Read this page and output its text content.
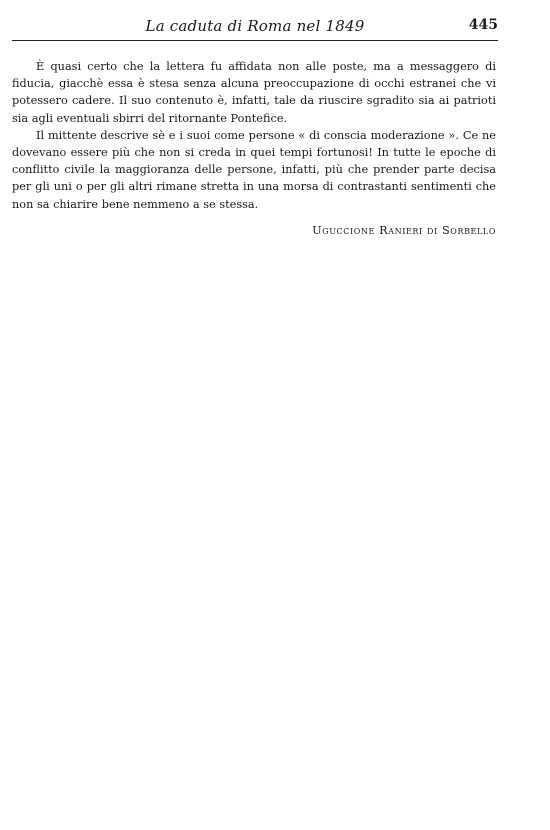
La caduta di Roma nel 1849	445

È quasi certo che la lettera fu affidata non alle poste, ma a messaggero di fiducia, giacchè essa è stesa senza alcuna preoccupazione di occhi estranei che vi potessero cadere. Il suo contenuto è, infatti, tale da riuscire sgradito sia ai patrioti sia agli eventuali sbirri del ritornante Pontefice.

Il mittente descrive sè e i suoi come persone « di conscia moderazione ». Ce ne dovevano essere più che non si creda in quei tempi fortunosi! In tutte le epoche di conflitto civile la maggioranza delle persone, infatti, più che prender parte decisa per gli uni o per gli altri rimane stretta in una morsa di contrastanti sentimenti che non sa chiarire bene nemmeno a se stessa.

Uguccione Ranieri di Sorbello
